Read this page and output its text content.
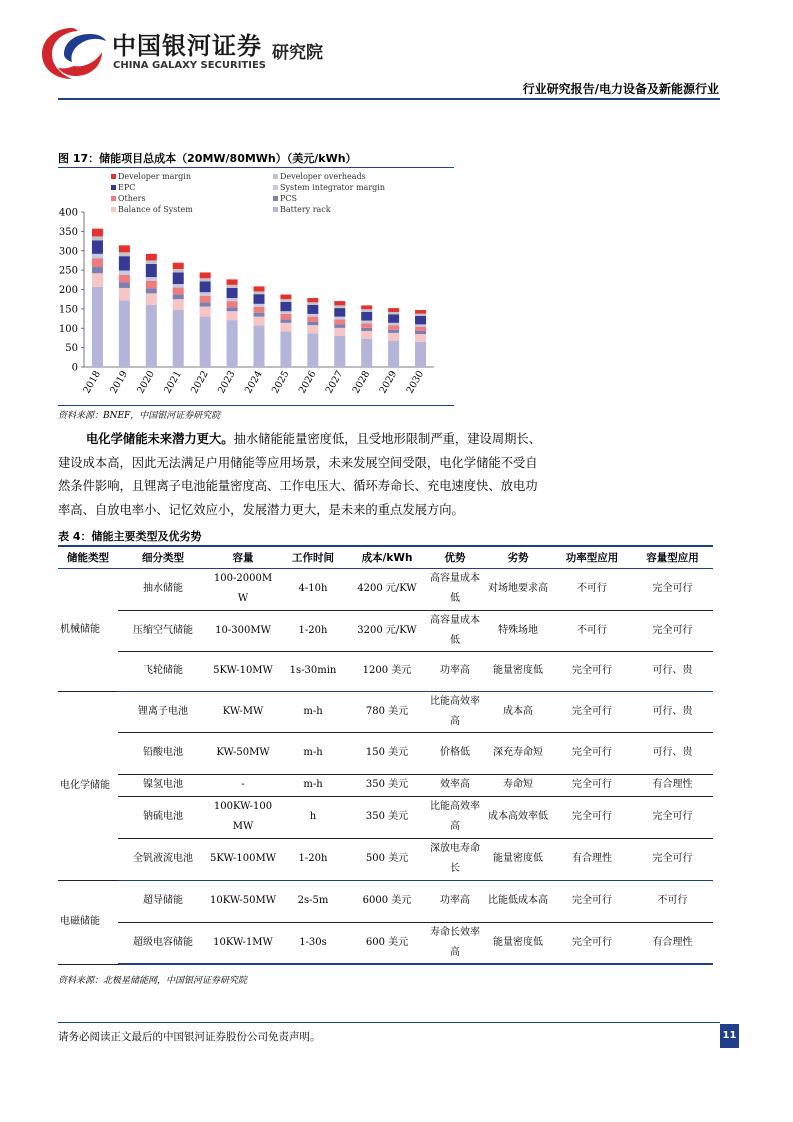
中国银河证券
CHINA GALAXY SECURITIES
研究院
行业研究报告/电力设备及新能源行业
图 17：储能项目总成本（20MW/80MWh）（美元/kWh）
Developer margin	Developer overheads
EPC	System integrator margin
Others	PCS
Balance of System	Battery rack
0
50
100
150
200
250
300
350
400
2018 2019 2020 2021 2022 2023 2024 2025 2026 2027 2028 2029 2030
资料来源：BNEF，中国银河证券研究院
电化学储能未来潜力更大。抽水储能能量密度低，且受地形限制严重，建设周期长、
建设成本高，因此无法满足户用储能等应用场景，未来发展空间受限，电化学储能不受自
然条件影响，且锂离子电池能量密度高、工作电压大、循环寿命长、充电速度快、放电功
率高、自放电率小、记忆效应小，发展潜力更大，是未来的重点发展方向。
表 4：储能主要类型及优劣势
储能类型	细分类型	容量	工作时间	成本/kWh	优势	劣势	功率型应用	容量型应用
机械储能	抽水储能	100-2000MW	4-10h	4200 元/KW	高容量成本低	对场地要求高	不可行	完全可行
	压缩空气储能	10-300MW	1-20h	3200 元/KW	高容量成本低	特殊场地	不可行	完全可行
	飞轮储能	5KW-10MW	1s-30min	1200 美元	功率高	能量密度低	完全可行	可行、贵
电化学储能	锂离子电池	KW-MW	m-h	780 美元	比能高效率高	成本高	完全可行	可行、贵
	铅酸电池	KW-50MW	m-h	150 美元	价格低	深充寿命短	完全可行	可行、贵
	镍氢电池	-	m-h	350 美元	效率高	寿命短	完全可行	有合理性
	钠硫电池	100KW-100MW	h	350 美元	比能高效率高	成本高效率低	完全可行	完全可行
	全钒液流电池	5KW-100MW	1-20h	500 美元	深放电寿命长	能量密度低	有合理性	完全可行
电磁储能	超导储能	10KW-50MW	2s-5m	6000 美元	功率高	比能低成本高	完全可行	不可行
	超级电容储能	10KW-1MW	1-30s	600 美元	寿命长效率高	能量密度低	完全可行	有合理性
资料来源：北极星储能网，中国银河证券研究院
请务必阅读正文最后的中国银河证券股份公司免责声明。	11
